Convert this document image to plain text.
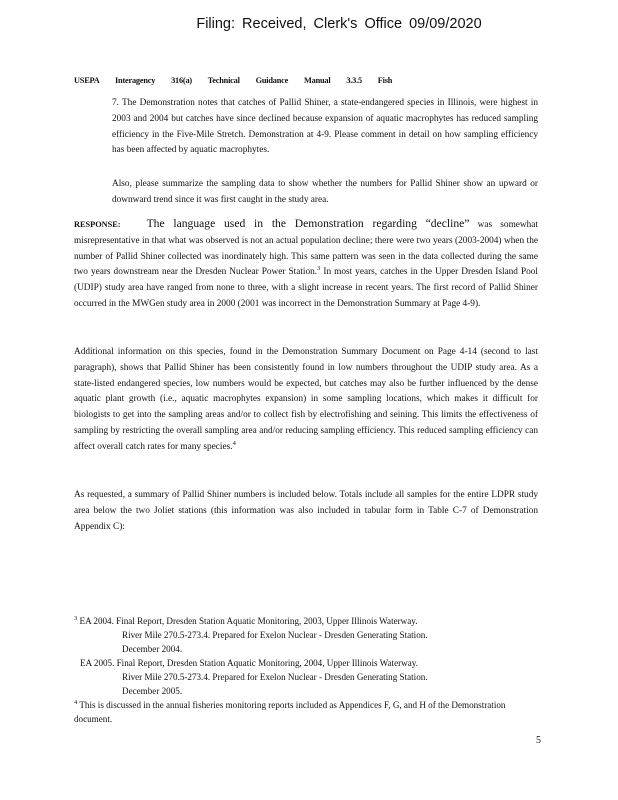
Filing: Received, Clerk's Office 09/09/2020
USEPA Interagency 316(a) Technical Guidance Manual 3.3.5 Fish
7. The Demonstration notes that catches of Pallid Shiner, a state-endangered species in Illinois, were highest in 2003 and 2004 but catches have since declined because expansion of aquatic macrophytes has reduced sampling efficiency in the Five-Mile Stretch. Demonstration at 4-9. Please comment in detail on how sampling efficiency has been affected by aquatic macrophytes.
Also, please summarize the sampling data to show whether the numbers for Pallid Shiner show an upward or downward trend since it was first caught in the study area.
RESPONSE: The language used in the Demonstration regarding “decline” was somewhat misrepresentative in that what was observed is not an actual population decline; there were two years (2003-2004) when the number of Pallid Shiner collected was inordinately high. This same pattern was seen in the data collected during the same two years downstream near the Dresden Nuclear Power Station.$^3$ In most years, catches in the Upper Dresden Island Pool (UDIP) study area have ranged from none to three, with a slight increase in recent years. The first record of Pallid Shiner occurred in the MWGen study area in 2000 (2001 was incorrect in the Demonstration Summary at Page 4-9).
Additional information on this species, found in the Demonstration Summary Document on Page 4-14 (second to last paragraph), shows that Pallid Shiner has been consistently found in low numbers throughout the UDIP study area. As a state-listed endangered species, low numbers would be expected, but catches may also be further influenced by the dense aquatic plant growth (i.e., aquatic macrophytes expansion) in some sampling locations, which makes it difficult for biologists to get into the sampling areas and/or to collect fish by electrofishing and seining. This limits the effectiveness of sampling by restricting the overall sampling area and/or reducing sampling efficiency. This reduced sampling efficiency can affect overall catch rates for many species.$^4$
As requested, a summary of Pallid Shiner numbers is included below. Totals include all samples for the entire LDPR study area below the two Joliet stations (this information was also included in tabular form in Table C-7 of Demonstration Appendix C):
$^3$ EA 2004. Final Report, Dresden Station Aquatic Monitoring, 2003, Upper Illinois Waterway.
River Mile 270.5-273.4. Prepared for Exelon Nuclear - Dresden Generating Station.
December 2004.
EA 2005. Final Report, Dresden Station Aquatic Monitoring, 2004, Upper Illinois Waterway.
River Mile 270.5-273.4. Prepared for Exelon Nuclear - Dresden Generating Station.
December 2005.
$^4$ This is discussed in the annual fisheries monitoring reports included as Appendices F, G, and H of the Demonstration document.
5
